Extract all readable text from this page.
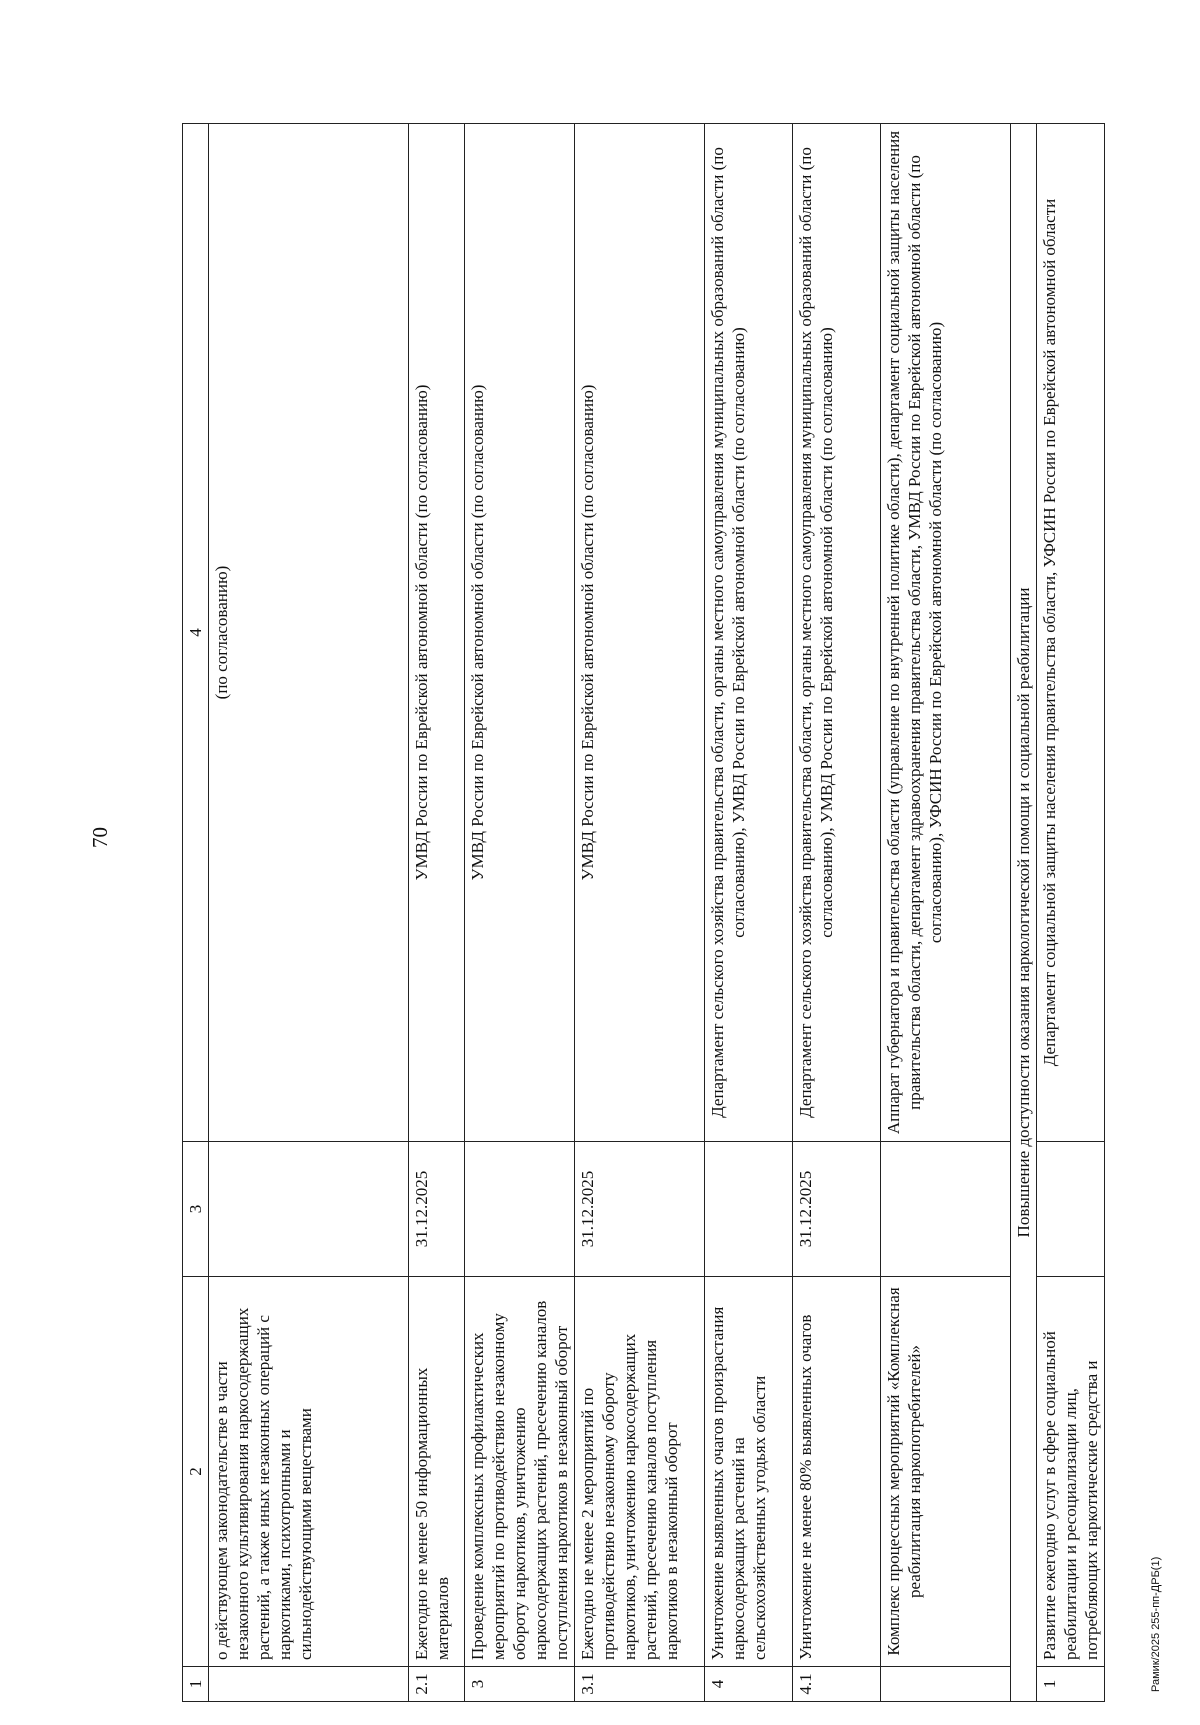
70
1	2	3	4
	о действующем законодательстве в части незаконного культивирования наркосодержащих растений, а также иных незаконных операций с наркотиками, психотропными и сильнодействующими веществами		(по согласованию)
2.1	Ежегодно не менее 50 информационных материалов	31.12.2025	УМВД России по Еврейской автономной области (по согласованию)
3	Проведение комплексных профилактических мероприятий по противодействию незаконному обороту наркотиков, уничтожению наркосодержащих растений, пресечению каналов поступления наркотиков в незаконный оборот		УМВД России по Еврейской автономной области (по согласованию)
3.1	Ежегодно не менее 2 мероприятий по противодействию незаконному обороту наркотиков, уничтожению наркосодержащих растений, пресечению каналов поступления наркотиков в незаконный оборот	31.12.2025	УМВД России по Еврейской автономной области (по согласованию)
4	Уничтожение выявленных очагов произрастания наркосодержащих растений на сельскохозяйственных угодьях области		Департамент сельского хозяйства правительства области, органы местного самоуправления муниципальных образований области (по согласованию), УМВД России по Еврейской автономной области (по согласованию)
4.1	Уничтожение не менее 80% выявленных очагов	31.12.2025	Департамент сельского хозяйства правительства области, органы местного самоуправления муниципальных образований области (по согласованию), УМВД России по Еврейской автономной области (по согласованию)
	Комплекс процессных мероприятий «Комплексная реабилитация наркопотребителей»		Аппарат губернатора и правительства области (управление по внутренней политике области), департамент социальной защиты населения правительства области, департамент здравоохранения правительства области, УМВД России по Еврейской автономной области (по согласованию), УФСИН России по Еврейской автономной области (по согласованию)
Повышение доступности оказания наркологической помощи и социальной реабилитации			
1	Развитие ежегодно услуг в сфере социальной реабилитации и ресоциализации лиц, потребляющих наркотические средства и		Департамент социальной защиты населения правительства области, УФСИН России по Еврейской автономной области
Рамик/2025 255-пп-ДРБ(1)
